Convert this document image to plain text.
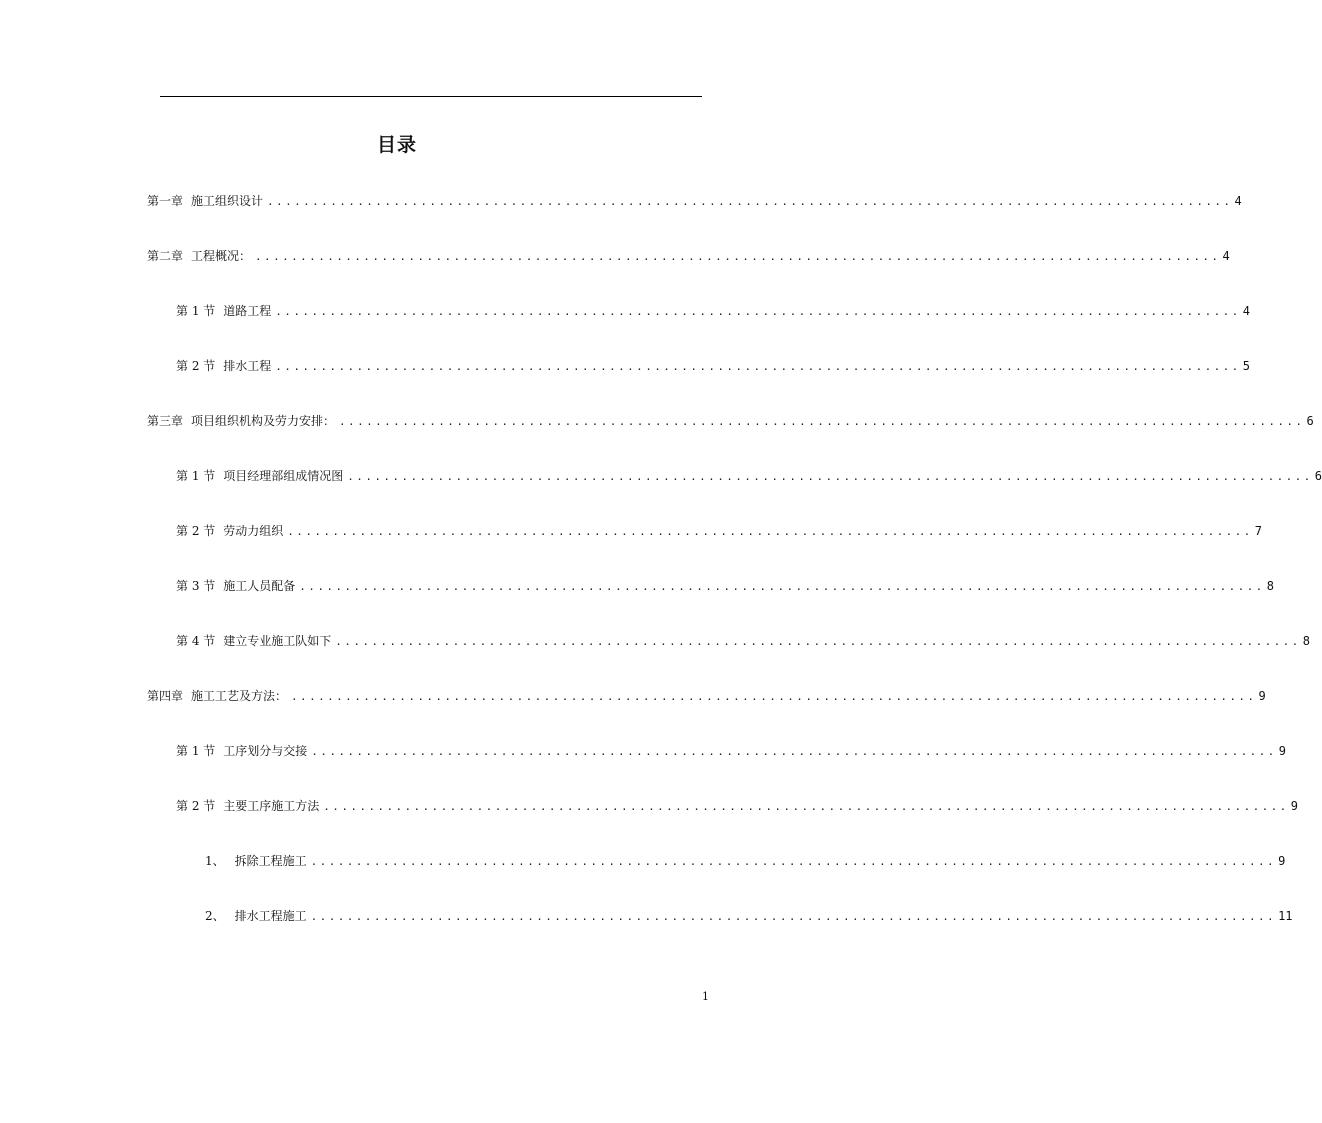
目录
第一章 施工组织设计 ........................................................................................................... 4
第二章 工程概况： ........................................................................................................... 4
第 1 节 道路工程 ........................................................................................................... 4
第 2 节 排水工程 ........................................................................................................... 5
第三章 项目组织机构及劳力安排： ........................................................................................................... 6
第 1 节 项目经理部组成情况图 ........................................................................................................... 6
第 2 节 劳动力组织 ........................................................................................................... 7
第 3 节 施工人员配备 ........................................................................................................... 8
第 4 节 建立专业施工队如下 ........................................................................................................... 8
第四章 施工工艺及方法： ........................................................................................................... 9
第 1 节 工序划分与交接 ........................................................................................................... 9
第 2 节 主要工序施工方法 ........................................................................................................... 9
1、 拆除工程施工 ........................................................................................................... 9
2、 排水工程施工 ........................................................................................................... 11
1
